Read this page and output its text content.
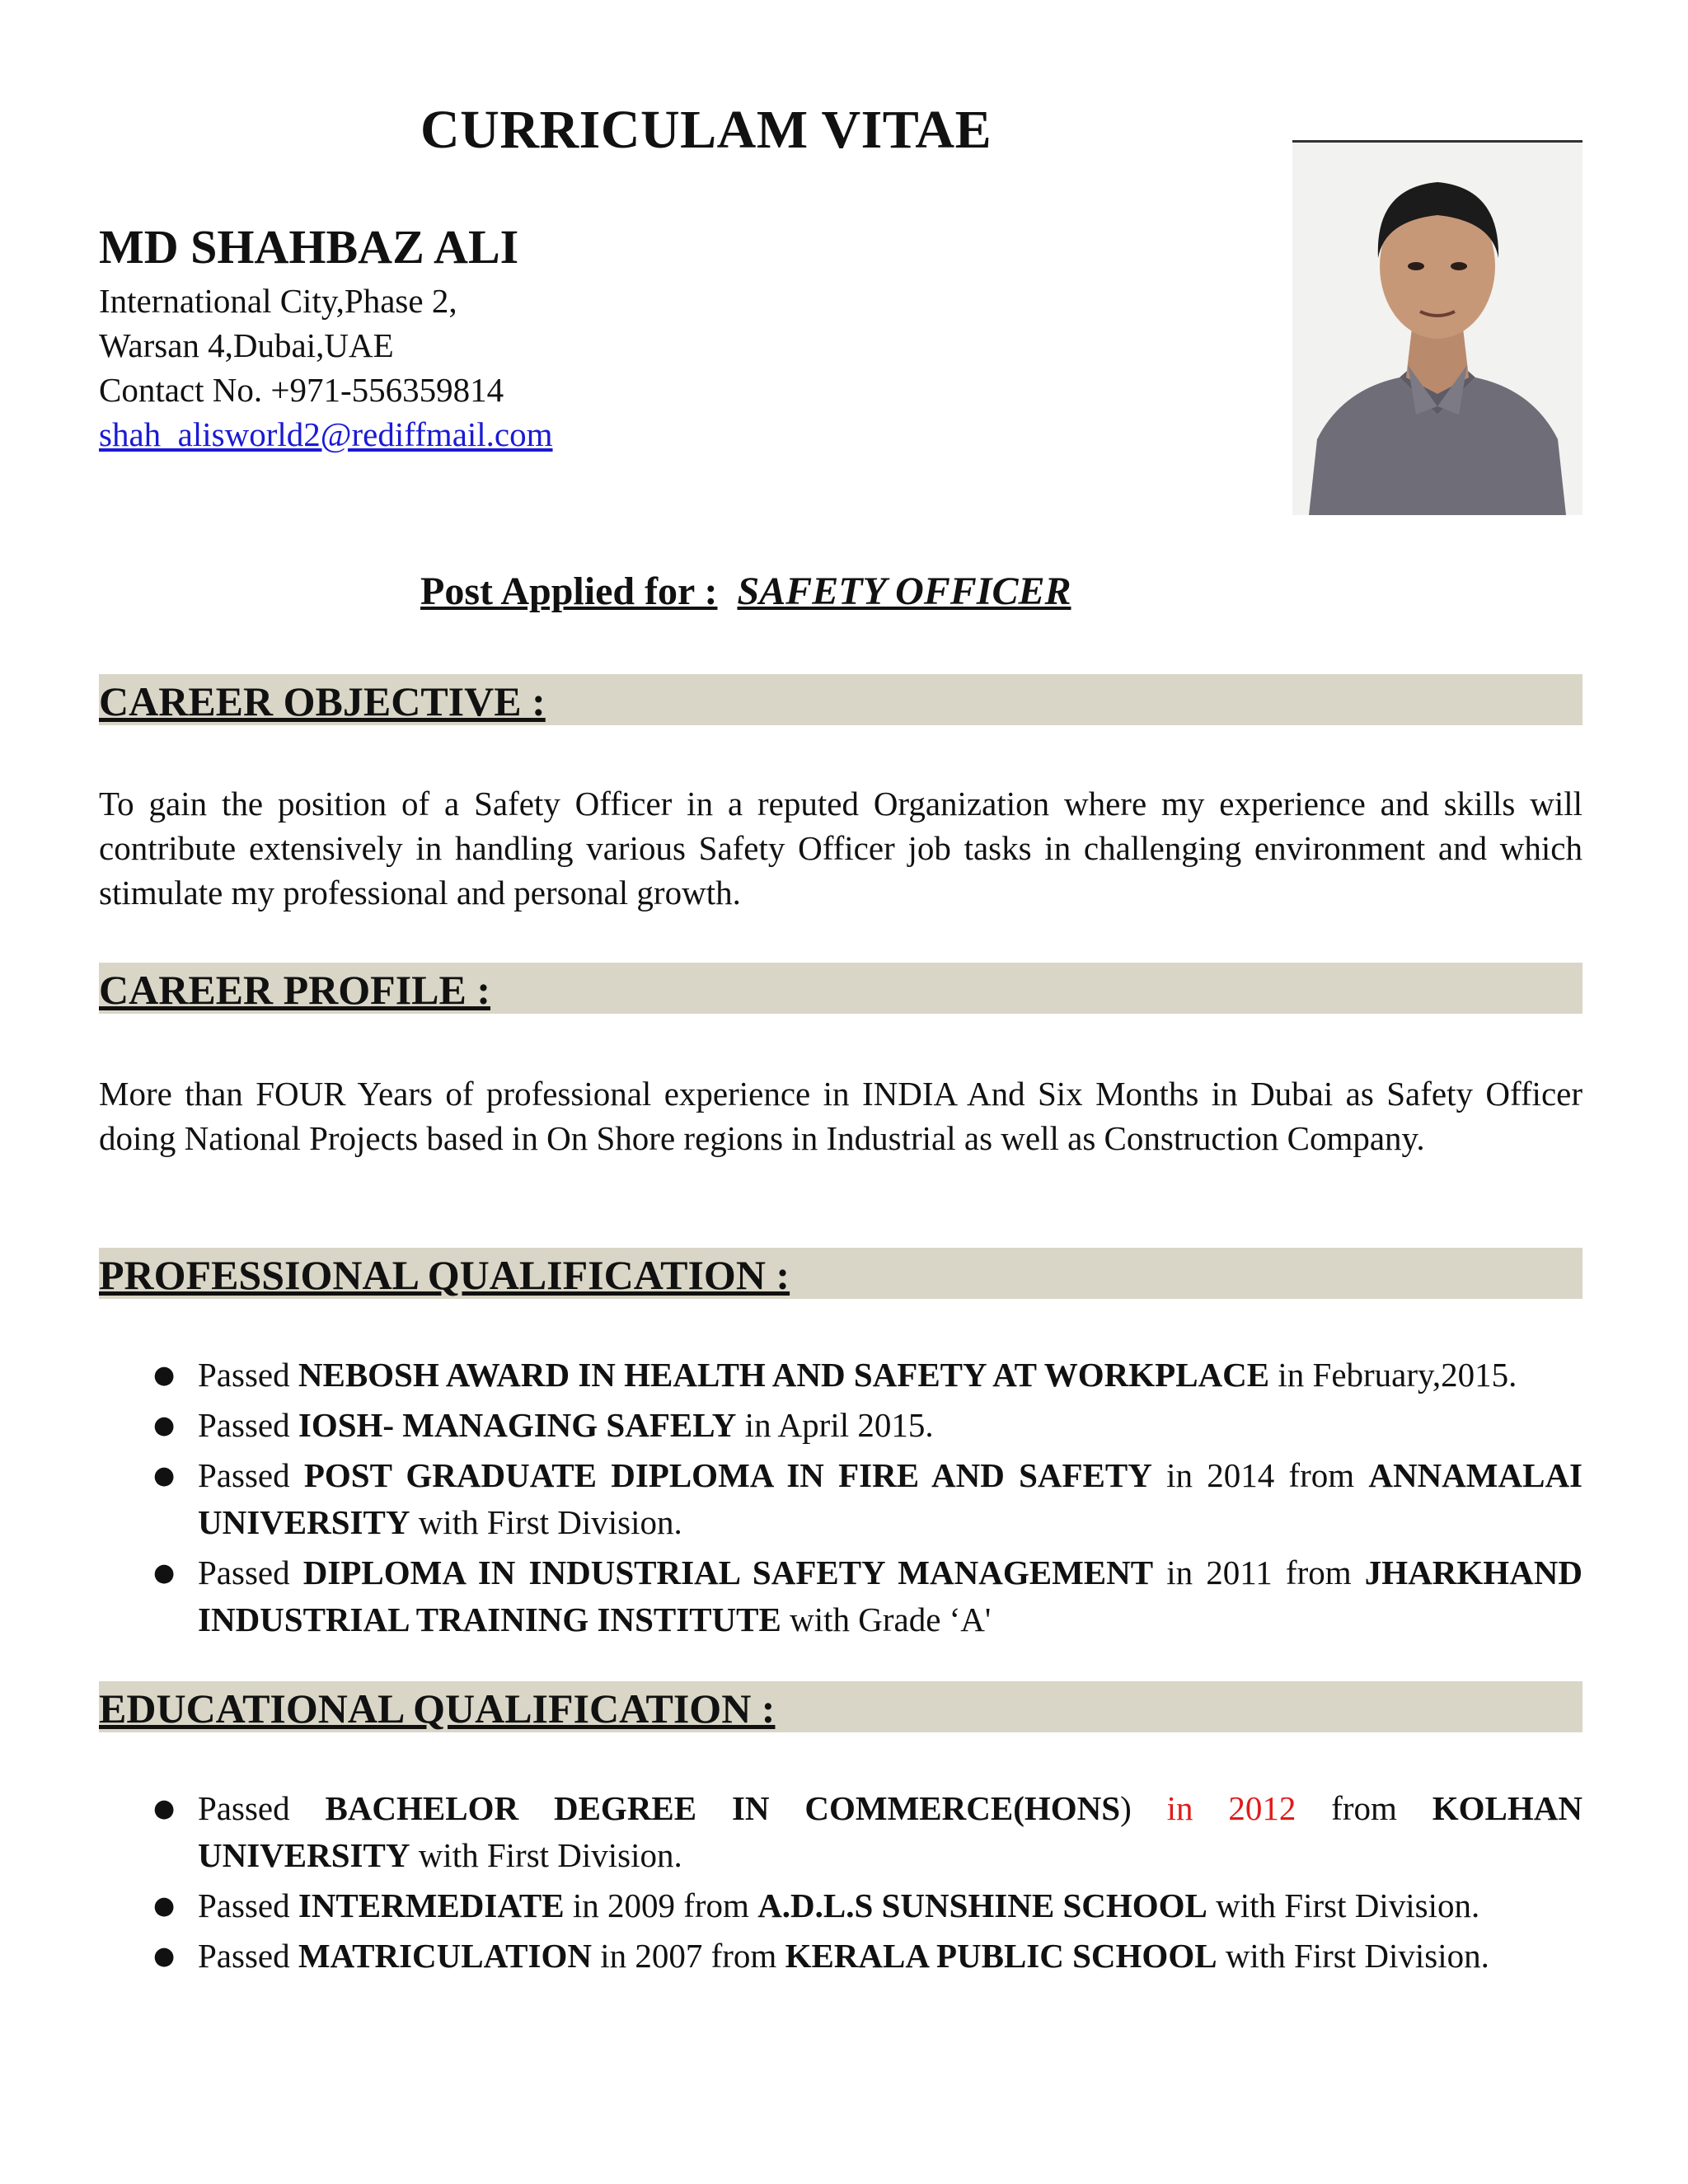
CURRICULAM VITAE

MD SHAHBAZ ALI

International City,Phase 2,

Warsan 4,Dubai,UAE

Contact No. +971-556359814

shah_alisworld2@rediffmail.com

Post Applied for : SAFETY OFFICER

CAREER OBJECTIVE :

To gain the position of a Safety Officer in a reputed Organization where my experience and skills will contribute extensively in handling various Safety Officer job tasks in challenging environment and which stimulate my professional and personal growth.

CAREER PROFILE :

More than FOUR Years of professional experience in INDIA And Six Months in Dubai as Safety Officer doing National Projects based in On Shore regions in Industrial as well as Construction Company.

PROFESSIONAL QUALIFICATION :
● Passed NEBOSH AWARD IN HEALTH AND SAFETY AT WORKPLACE in February,2015.
● Passed IOSH- MANAGING SAFELY in April 2015.
● Passed POST GRADUATE DIPLOMA IN FIRE AND SAFETY in 2014 from ANNAMALAI UNIVERSITY with First Division.
● Passed DIPLOMA IN INDUSTRIAL SAFETY MANAGEMENT in 2011 from JHARKHAND INDUSTRIAL TRAINING INSTITUTE with Grade ‘A'
EDUCATIONAL QUALIFICATION :
● Passed BACHELOR DEGREE IN COMMERCE(HONS) in 2012 from KOLHAN UNIVERSITY with First Division.
● Passed INTERMEDIATE in 2009 from A.D.L.S SUNSHINE SCHOOL with First Division.
● Passed MATRICULATION in 2007 from KERALA PUBLIC SCHOOL with First Division.
